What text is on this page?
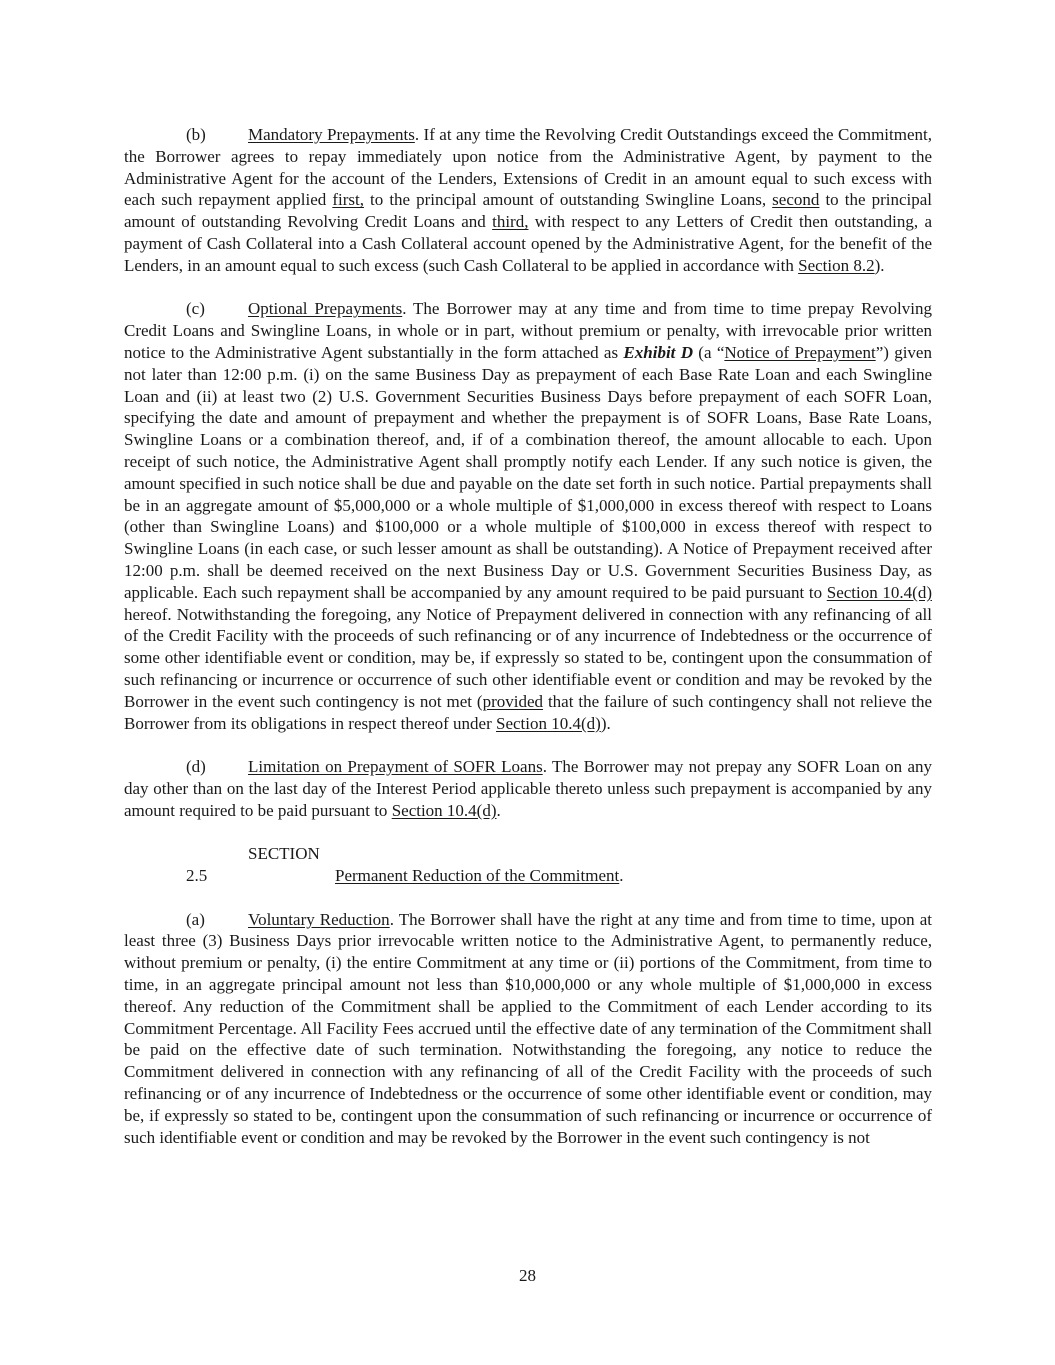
(b) Mandatory Prepayments. If at any time the Revolving Credit Outstandings exceed the Commitment, the Borrower agrees to repay immediately upon notice from the Administrative Agent, by payment to the Administrative Agent for the account of the Lenders, Extensions of Credit in an amount equal to such excess with each such repayment applied first, to the principal amount of outstanding Swingline Loans, second to the principal amount of outstanding Revolving Credit Loans and third, with respect to any Letters of Credit then outstanding, a payment of Cash Collateral into a Cash Collateral account opened by the Administrative Agent, for the benefit of the Lenders, in an amount equal to such excess (such Cash Collateral to be applied in accordance with Section 8.2).

(c)	Optional Prepayments. The Borrower may at any time and from time to time prepay Revolving Credit Loans and Swingline Loans, in whole or in part, without premium or penalty, with irrevocable prior written notice to the Administrative Agent substantially in the form attached as Exhibit D (a “Notice of Prepayment”) given not later than 12:00 p.m. (i) on the same Business Day as prepayment of each Base Rate Loan and each Swingline Loan and (ii) at least two (2) U.S. Government Securities Business Days before prepayment of each SOFR Loan, specifying the date and amount of prepayment and whether the prepayment is of SOFR Loans, Base Rate Loans, Swingline Loans or a combination thereof, and, if of a combination thereof, the amount allocable to each. Upon receipt of such notice, the Administrative Agent shall promptly notify each Lender. If any such notice is given, the amount specified in such notice shall be due and payable on the date set forth in such notice. Partial prepayments shall be in an aggregate amount of $5,000,000 or a whole multiple of $1,000,000 in excess thereof with respect to Loans (other than Swingline Loans) and $100,000 or a whole multiple of $100,000 in excess thereof with respect to Swingline Loans (in each case, or such lesser amount as shall be outstanding). A Notice of Prepayment received after 12:00 p.m. shall be deemed received on the next Business Day or U.S. Government Securities Business Day, as applicable. Each such repayment shall be accompanied by any amount required to be paid pursuant to Section 10.4(d) hereof. Notwithstanding the foregoing, any Notice of Prepayment delivered in connection with any refinancing of all of the Credit Facility with the proceeds of such refinancing or of any incurrence of Indebtedness or the occurrence of some other identifiable event or condition, may be, if expressly so stated to be, contingent upon the consummation of such refinancing or incurrence or occurrence of such other identifiable event or condition and may be revoked by the Borrower in the event such contingency is not met (provided that the failure of such contingency shall not relieve the Borrower from its obligations in respect thereof under Section 10.4(d)).

(d) Limitation on Prepayment of SOFR Loans. The Borrower may not prepay any SOFR Loan on any day other than on the last day of the Interest Period applicable thereto unless such prepayment is accompanied by any amount required to be paid pursuant to Section 10.4(d).

SECTION 2.5	Permanent Reduction of the Commitment.

(a)	Voluntary Reduction. The Borrower shall have the right at any time and from time to time, upon at least three (3) Business Days prior irrevocable written notice to the Administrative Agent, to permanently reduce, without premium or penalty, (i) the entire Commitment at any time or (ii) portions of the Commitment, from time to time, in an aggregate principal amount not less than $10,000,000 or any whole multiple of $1,000,000 in excess thereof. Any reduction of the Commitment shall be applied to the Commitment of each Lender according to its Commitment Percentage. All Facility Fees accrued until the effective date of any termination of the Commitment shall be paid on the effective date of such termination. Notwithstanding the foregoing, any notice to reduce the Commitment delivered in connection with any refinancing of all of the Credit Facility with the proceeds of such refinancing or of any incurrence of Indebtedness or the occurrence of some other identifiable event or condition, may be, if expressly so stated to be, contingent upon the consummation of such refinancing or incurrence or occurrence of such identifiable event or condition and may be revoked by the Borrower in the event such contingency is not

28
